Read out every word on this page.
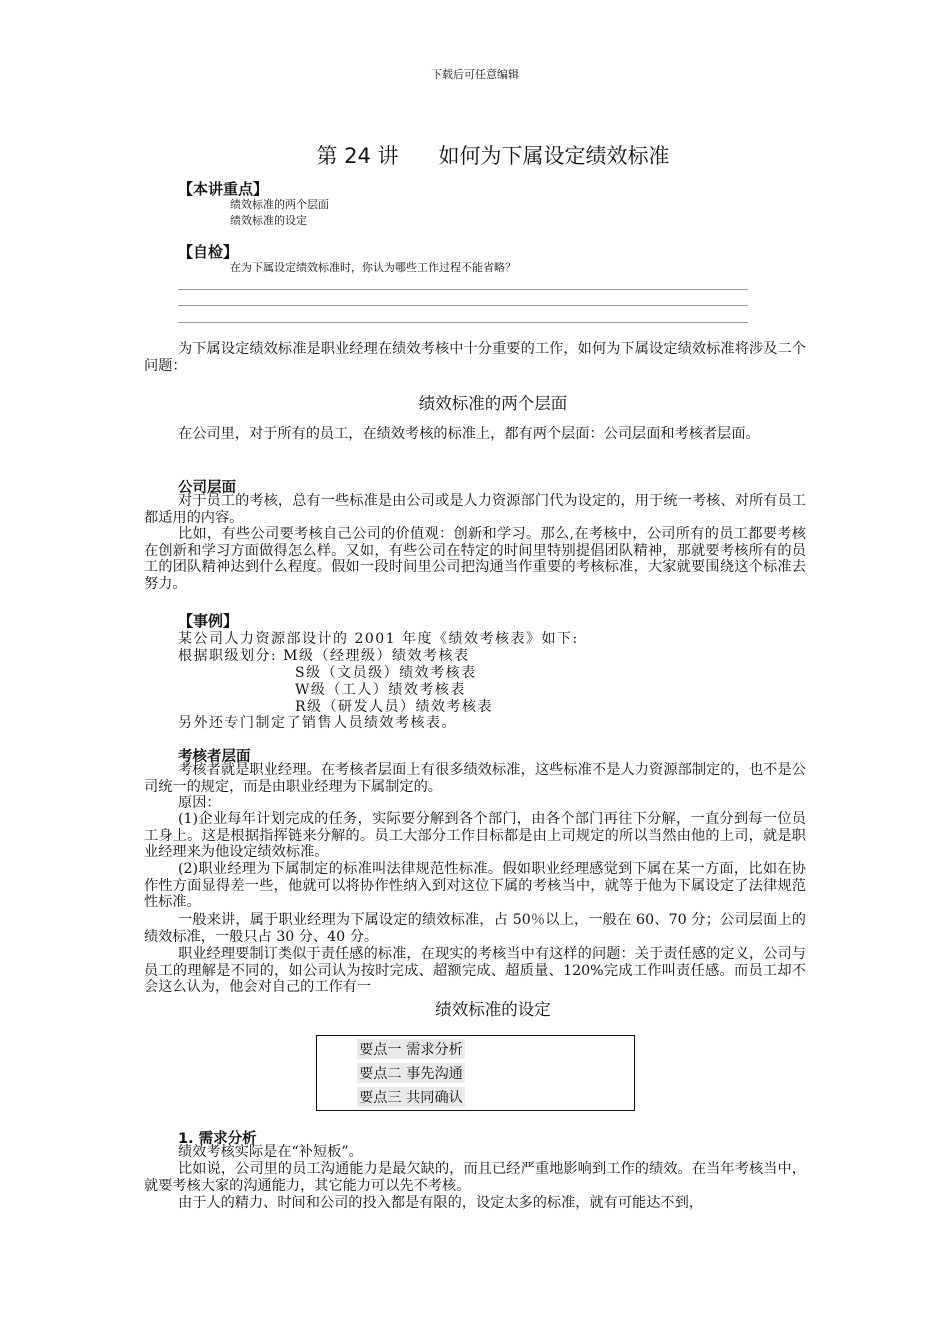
下载后可任意编辑
第 24 讲 如何为下属设定绩效标准
【本讲重点】
绩效标准的两个层面
绩效标准的设定
【自检】
在为下属设定绩效标准时，你认为哪些工作过程不能省略？
为下属设定绩效标准是职业经理在绩效考核中十分重要的工作，如何为下属设定绩效标准将涉及二个问题：
绩效标准的两个层面
在公司里，对于所有的员工，在绩效考核的标准上，都有两个层面：公司层面和考核者层面。
公司层面
对于员工的考核，总有一些标准是由公司或是人力资源部门代为设定的，用于统一考核、对所有员工都适用的内容。
比如，有些公司要考核自己公司的价值观：创新和学习。那么,在考核中，公司所有的员工都要考核在创新和学习方面做得怎么样。又如，有些公司在特定的时间里特别提倡团队精神，那就要考核所有的员工的团队精神达到什么程度。假如一段时间里公司把沟通当作重要的考核标准，大家就要围绕这个标准去努力。
【事例】
某公司人力资源部设计的 2001 年度《绩效考核表》如下:
根据职级划分: M级（经理级）绩效考核表
S级（文员级）绩效考核表
W级（工人）绩效考核表
R级（研发人员）绩效考核表
另外还专门制定了销售人员绩效考核表。
考核者层面
考核者就是职业经理。在考核者层面上有很多绩效标准，这些标准不是人力资源部制定的，也不是公司统一的规定，而是由职业经理为下属制定的。
原因：
(1)企业每年计划完成的任务，实际要分解到各个部门，由各个部门再往下分解，一直分到每一位员工身上。这是根据指挥链来分解的。员工大部分工作目标都是由上司规定的所以当然由他的上司，就是职业经理来为他设定绩效标准。
(2)职业经理为下属制定的标准叫法律规范性标准。假如职业经理感觉到下属在某一方面，比如在协作性方面显得差一些，他就可以将协作性纳入到对这位下属的考核当中，就等于他为下属设定了法律规范性标准。
一般来讲，属于职业经理为下属设定的绩效标准，占 50％以上，一般在 60、70 分；公司层面上的绩效标准，一般只占 30 分、40 分。
职业经理要制订类似于责任感的标准，在现实的考核当中有这样的问题：关于责任感的定义，公司与员工的理解是不同的，如公司认为按时完成、超额完成、超质量、120%完成工作叫责任感。而员工却不会这么认为，他会对自己的工作有一
绩效标准的设定
要点一 需求分析
要点二 事先沟通
要点三 共同确认
1. 需求分析
绩效考核实际是在“补短板”。
比如说，公司里的员工沟通能力是最欠缺的，而且已经严重地影响到工作的绩效。在当年考核当中，就要考核大家的沟通能力，其它能力可以先不考核。
由于人的精力、时间和公司的投入都是有限的，设定太多的标准，就有可能达不到，
